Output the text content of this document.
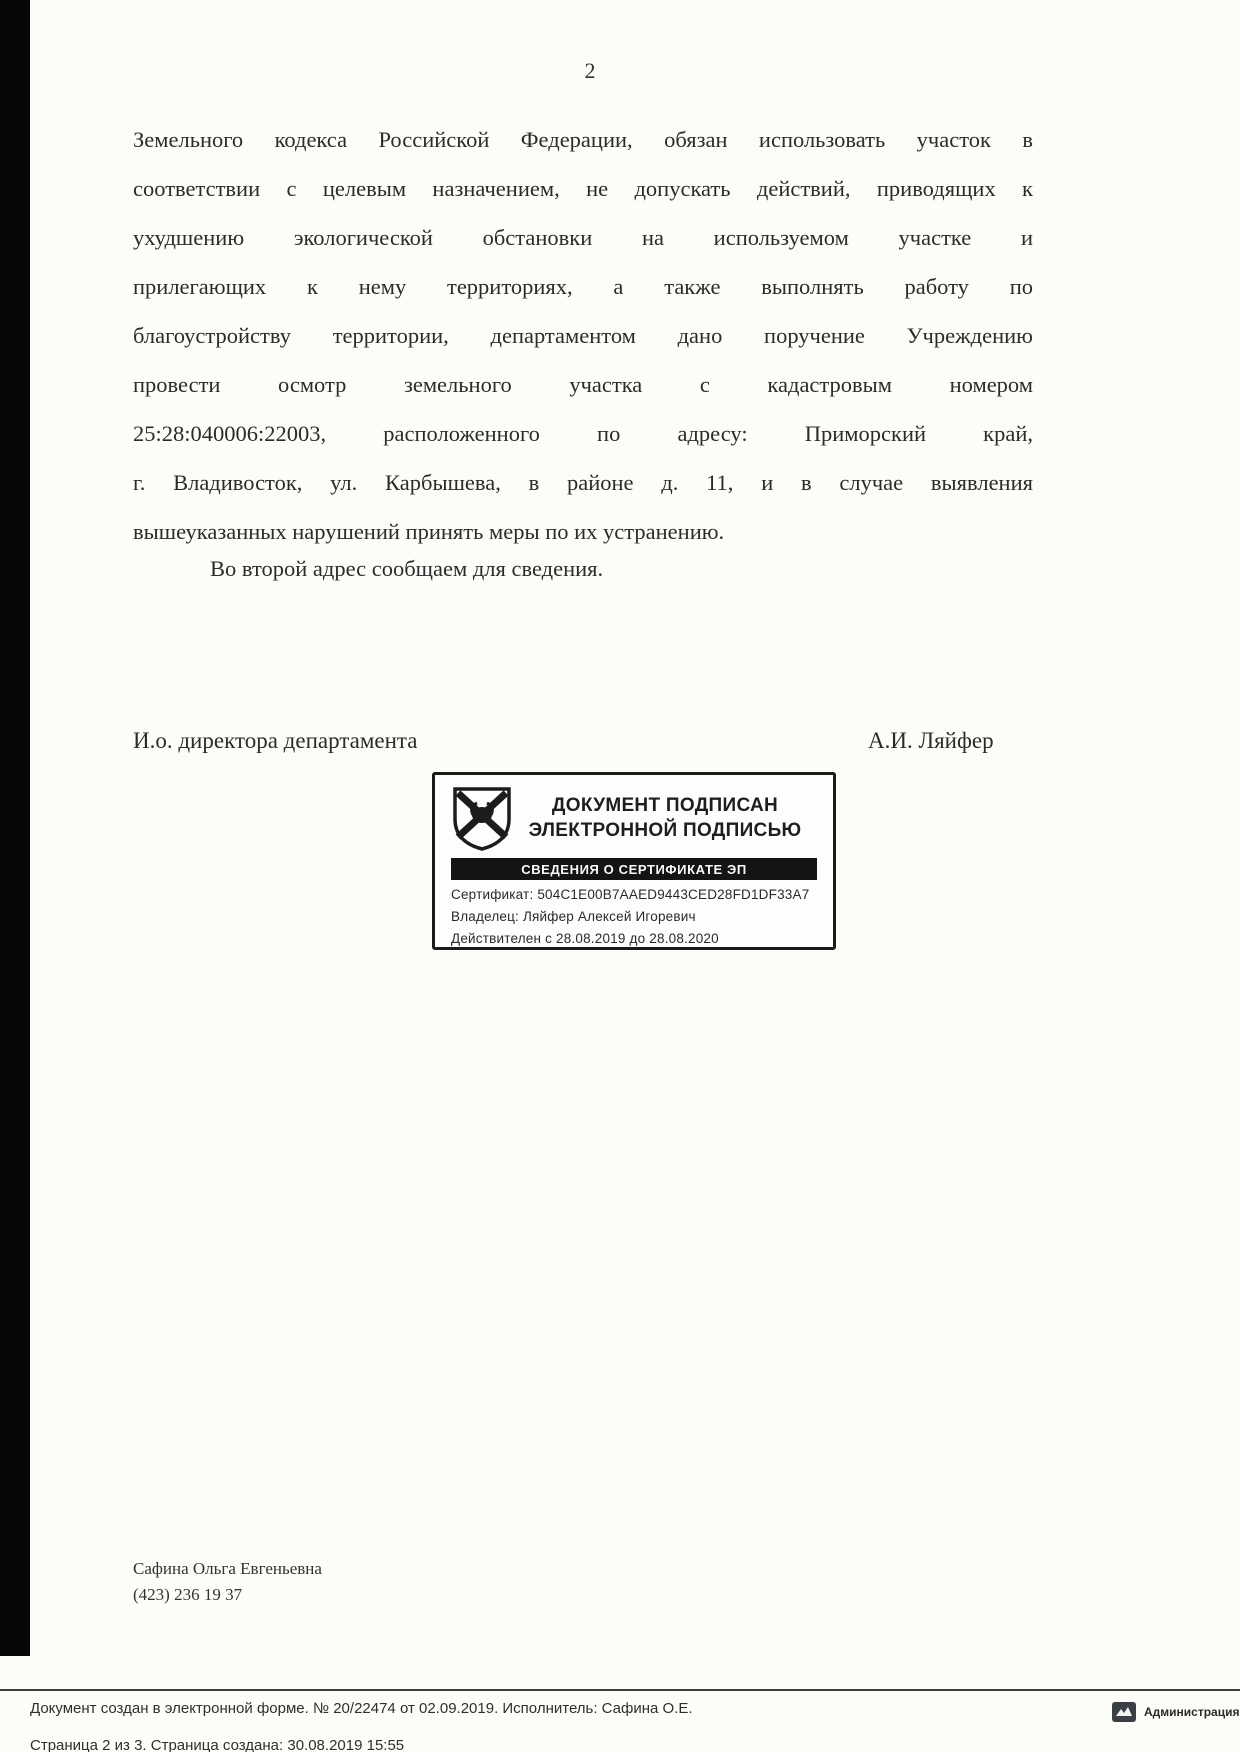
2
Земельного кодекса Российской Федерации, обязан использовать участок в
соответствии с целевым назначением, не допускать действий, приводящих к
ухудшению экологической обстановки на используемом участке и
прилегающих к нему территориях, а также выполнять работу по
благоустройству территории, департаментом дано поручение Учреждению
провести осмотр земельного участка с кадастровым номером
25:28:040006:22003, расположенного по адресу: Приморский край,
г. Владивосток, ул. Карбышева, в районе д. 11, и в случае выявления
вышеуказанных нарушений принять меры по их устранению.
Во второй адрес сообщаем для сведения.
И.о. директора департамента	А.И. Ляйфер
ДОКУМЕНТ ПОДПИСАН
ЭЛЕКТРОННОЙ ПОДПИСЬЮ
СВЕДЕНИЯ О СЕРТИФИКАТЕ ЭП
Сертификат: 504C1E00B7AAED9443CED28FD1DF33A7
Владелец: Ляйфер Алексей Игоревич
Действителен с 28.08.2019 до 28.08.2020
Сафина Ольга Евгеньевна
(423) 236 19 37
Документ создан в электронной форме. № 20/22474 от 02.09.2019. Исполнитель: Сафина О.Е.
Страница 2 из 3. Страница создана: 30.08.2019 15:55
Администрация
